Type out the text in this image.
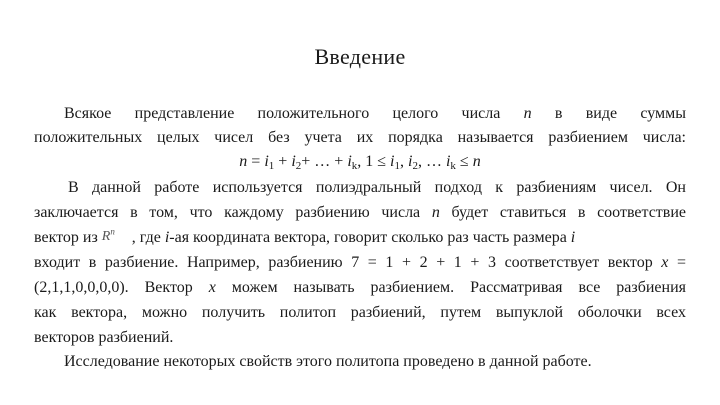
Введение
Всякое представление положительного целого числа n в виде суммы
положительных целых чисел без учета их порядка называется разбиением числа:
$n = i_1 + i_2+$ … + $i_k$, $1 \le i_1$, $i_2$, … $i_k \le n$
В данной работе используется полиэдральный подход к разбиениям чисел. Он
заключается в том, что каждому разбиению числа n будет ставиться в соответствие
вектор из $R^n$ , где i-ая координата вектора, говорит сколько раз часть размера i
входит в разбиение. Например, разбиению 7 = 1 + 2 + 1 + 3 соответствует вектор x =
(2,1,1,0,0,0,0). Вектор x можем называть разбиением. Рассматривая все разбиения
как вектора, можно получить политоп разбиений, путем выпуклой оболочки всех
векторов разбиений.
Исследование некоторых свойств этого политопа проведено в данной работе.
